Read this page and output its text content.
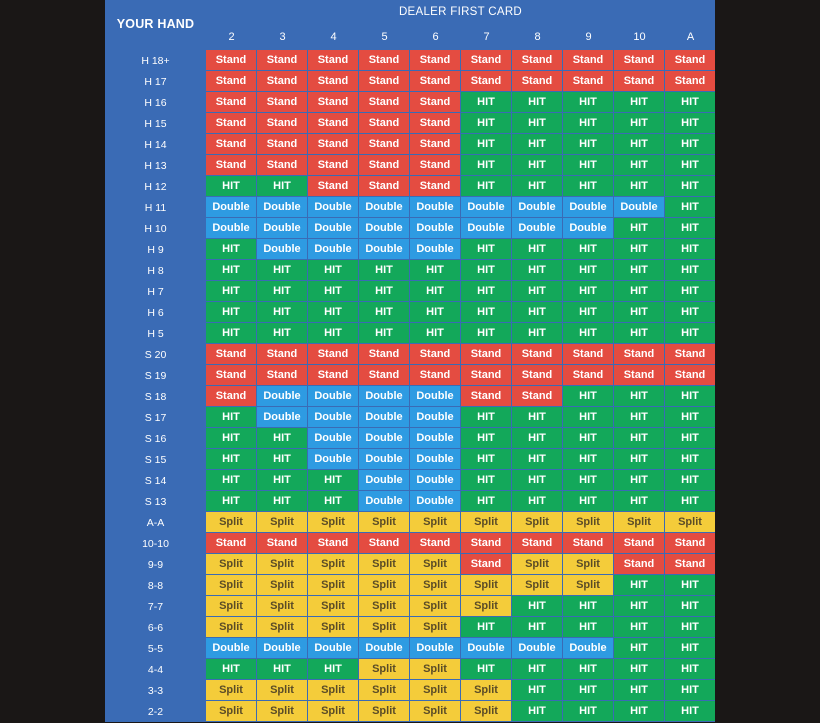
YOUR HAND
DEALER FIRST CARD
2	3	4	5	6	7	8	9	10	A
H 18+	Stand	Stand	Stand	Stand	Stand	Stand	Stand	Stand	Stand	Stand
H 17	Stand	Stand	Stand	Stand	Stand	Stand	Stand	Stand	Stand	Stand
H 16	Stand	Stand	Stand	Stand	Stand	HIT	HIT	HIT	HIT	HIT
H 15	Stand	Stand	Stand	Stand	Stand	HIT	HIT	HIT	HIT	HIT
H 14	Stand	Stand	Stand	Stand	Stand	HIT	HIT	HIT	HIT	HIT
H 13	Stand	Stand	Stand	Stand	Stand	HIT	HIT	HIT	HIT	HIT
H 12	HIT	HIT	Stand	Stand	Stand	HIT	HIT	HIT	HIT	HIT
H 11	Double	Double	Double	Double	Double	Double	Double	Double	Double	HIT
H 10	Double	Double	Double	Double	Double	Double	Double	Double	HIT	HIT
H 9	HIT	Double	Double	Double	Double	HIT	HIT	HIT	HIT	HIT
H 8	HIT	HIT	HIT	HIT	HIT	HIT	HIT	HIT	HIT	HIT
H 7	HIT	HIT	HIT	HIT	HIT	HIT	HIT	HIT	HIT	HIT
H 6	HIT	HIT	HIT	HIT	HIT	HIT	HIT	HIT	HIT	HIT
H 5	HIT	HIT	HIT	HIT	HIT	HIT	HIT	HIT	HIT	HIT
S 20	Stand	Stand	Stand	Stand	Stand	Stand	Stand	Stand	Stand	Stand
S 19	Stand	Stand	Stand	Stand	Stand	Stand	Stand	Stand	Stand	Stand
S 18	Stand	Double	Double	Double	Double	Stand	Stand	HIT	HIT	HIT
S 17	HIT	Double	Double	Double	Double	HIT	HIT	HIT	HIT	HIT
S 16	HIT	HIT	Double	Double	Double	HIT	HIT	HIT	HIT	HIT
S 15	HIT	HIT	Double	Double	Double	HIT	HIT	HIT	HIT	HIT
S 14	HIT	HIT	HIT	Double	Double	HIT	HIT	HIT	HIT	HIT
S 13	HIT	HIT	HIT	Double	Double	HIT	HIT	HIT	HIT	HIT
A-A	Split	Split	Split	Split	Split	Split	Split	Split	Split	Split
10-10	Stand	Stand	Stand	Stand	Stand	Stand	Stand	Stand	Stand	Stand
9-9	Split	Split	Split	Split	Split	Stand	Split	Split	Stand	Stand
8-8	Split	Split	Split	Split	Split	Split	Split	Split	HIT	HIT
7-7	Split	Split	Split	Split	Split	Split	HIT	HIT	HIT	HIT
6-6	Split	Split	Split	Split	Split	HIT	HIT	HIT	HIT	HIT
5-5	Double	Double	Double	Double	Double	Double	Double	Double	HIT	HIT
4-4	HIT	HIT	HIT	Split	Split	HIT	HIT	HIT	HIT	HIT
3-3	Split	Split	Split	Split	Split	Split	HIT	HIT	HIT	HIT
2-2	Split	Split	Split	Split	Split	Split	HIT	HIT	HIT	HIT
